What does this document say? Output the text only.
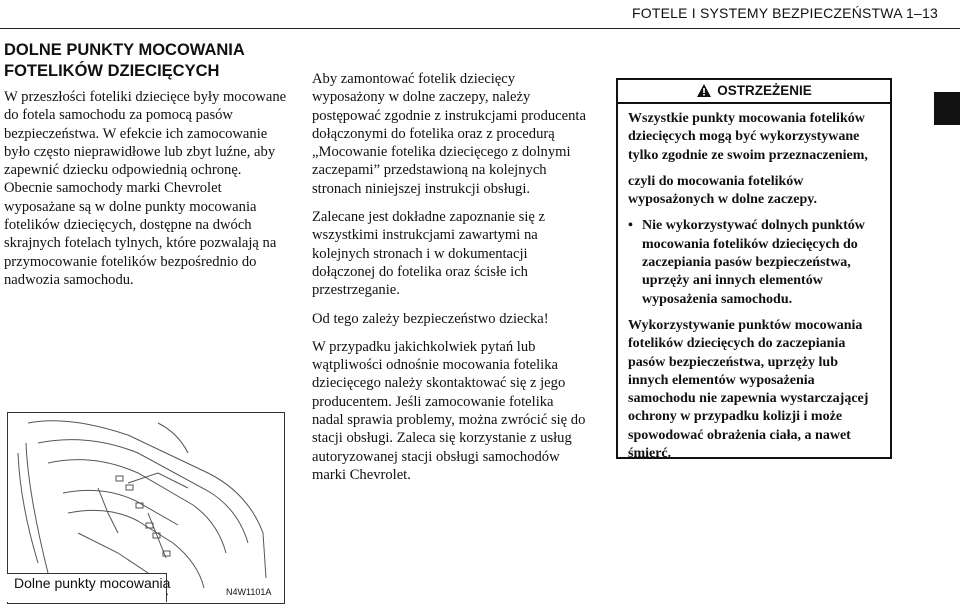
FOTELE I SYSTEMY BEZPIECZEŃSTWA 1–13
DOLNE PUNKTY MOCOWANIA
FOTELIKÓW DZIECIĘCYCH

W przeszłości foteliki dziecięce były mocowane do fotela samochodu za pomocą pasów bezpieczeństwa. W efekcie ich zamocowanie było często nieprawidłowe lub zbyt luźne, aby zapewnić dziecku odpowiednią ochronę. Obecnie samochody marki Chevrolet wyposażane są w dolne punkty mocowania fotelików dziecięcych, dostępne na dwóch skrajnych fotelach tylnych, które pozwalają na przymocowanie fotelików bezpośrednio do nadwozia samochodu.

Dolne punkty mocowania
N4W1101A

Aby zamontować fotelik dziecięcy wyposażony w dolne zaczepy, należy postępować zgodnie z instrukcjami producenta dołączonymi do fotelika oraz z procedurą „Mocowanie fotelika dziecięcego z dolnymi zaczepami” przedstawioną na kolejnych stronach niniejszej instrukcji obsługi.

Zalecane jest dokładne zapoznanie się z wszystkimi instrukcjami zawartymi na kolejnych stronach i w dokumentacji dołączonej do fotelika oraz ścisłe ich przestrzeganie.

Od tego zależy bezpieczeństwo dziecka!

W przypadku jakichkolwiek pytań lub wątpliwości odnośnie mocowania fotelika dziecięcego należy skontaktować się z jego producentem. Jeśli zamocowanie fotelika nadal sprawia problemy, można zwrócić się do stacji obsługi. Zaleca się korzystanie z usług autoryzowanej stacji obsługi samochodów marki Chevrolet.

OSTRZEŻENIE

Wszystkie punkty mocowania fotelików dziecięcych mogą być wykorzystywane tylko zgodnie ze swoim przeznaczeniem,

czyli do mocowania fotelików wyposażonych w dolne zaczepy.

• Nie wykorzystywać dolnych punktów mocowania fotelików dziecięcych do zaczepiania pasów bezpieczeństwa, uprzęży ani innych elementów wyposażenia samochodu.

Wykorzystywanie punktów mocowania fotelików dziecięcych do zaczepiania pasów bezpieczeństwa, uprzęży lub innych elementów wyposażenia samochodu nie zapewnia wystarczającej ochrony w przypadku kolizji i może spowodować obrażenia ciała, a nawet śmierć.
